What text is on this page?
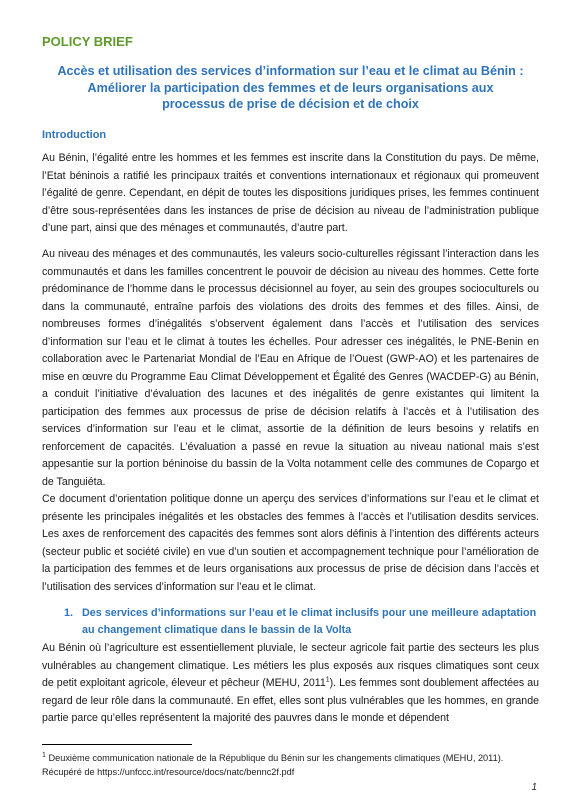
POLICY BRIEF
Accès et utilisation des services d’information sur l’eau et le climat au Bénin :
Améliorer la participation des femmes et de leurs organisations aux
processus de prise de décision et de choix
Introduction

Au Bénin, l’égalité entre les hommes et les femmes est inscrite dans la Constitution du pays. De même, l’Etat béninois a ratifié les principaux traités et conventions internationaux et régionaux qui promeuvent l’égalité de genre. Cependant, en dépit de toutes les dispositions juridiques prises, les femmes continuent d’être sous-représentées dans les instances de prise de décision au niveau de l’administration publique d’une part, ainsi que des ménages et communautés, d’autre part.

Au niveau des ménages et des communautés, les valeurs socio-culturelles régissant l’interaction dans les communautés et dans les familles concentrent le pouvoir de décision au niveau des hommes. Cette forte prédominance de l’homme dans le processus décisionnel au foyer, au sein des groupes socioculturels ou dans la communauté, entraîne parfois des violations des droits des femmes et des filles. Ainsi, de nombreuses formes d’inégalités s’observent également dans l’accès et l’utilisation des services d’information sur l’eau et le climat à toutes les échelles. Pour adresser ces inégalités, le PNE-Benin en collaboration avec le Partenariat Mondial de l’Eau en Afrique de l’Ouest (GWP-AO) et les partenaires de mise en œuvre du Programme Eau Climat Développement et Égalité des Genres (WACDEP-G) au Bénin, a conduit l’initiative d’évaluation des lacunes et des inégalités de genre existantes qui limitent la participation des femmes aux processus de prise de décision relatifs à l’accès et à l’utilisation des services d’information sur l’eau et le climat, assortie de la définition de leurs besoins y relatifs en renforcement de capacités. L’évaluation a passé en revue la situation au niveau national mais s’est appesantie sur la portion béninoise du bassin de la Volta notamment celle des communes de Copargo et de Tanguiéta.

Ce document d’orientation politique donne un aperçu des services d’informations sur l’eau et le climat et présente les principales inégalités et les obstacles des femmes à l’accès et l’utilisation desdits services. Les axes de renforcement des capacités des femmes sont alors définis à l’intention des différents acteurs (secteur public et société civile) en vue d’un soutien et accompagnement technique pour l’amélioration de la participation des femmes et de leurs organisations aux processus de prise de décision dans l’accès et l’utilisation des services d’information sur l’eau et le climat.

1. Des services d’informations sur l’eau et le climat inclusifs pour une meilleure adaptation au changement climatique dans le bassin de la Volta

Au Bénin où l’agriculture est essentiellement pluviale, le secteur agricole fait partie des secteurs les plus vulnérables au changement climatique. Les métiers les plus exposés aux risques climatiques sont ceux de petit exploitant agricole, éleveur et pêcheur (MEHU, 2011$^1$). Les femmes sont doublement affectées au regard de leur rôle dans la communauté. En effet, elles sont plus vulnérables que les hommes, en grande partie parce qu’elles représentent la majorité des pauvres dans le monde et dépendent

$^1$ Deuxième communication nationale de la République du Bénin sur les changements climatiques (MEHU, 2011). Récupéré de https://unfccc.int/resource/docs/natc/bennc2f.pdf
1
